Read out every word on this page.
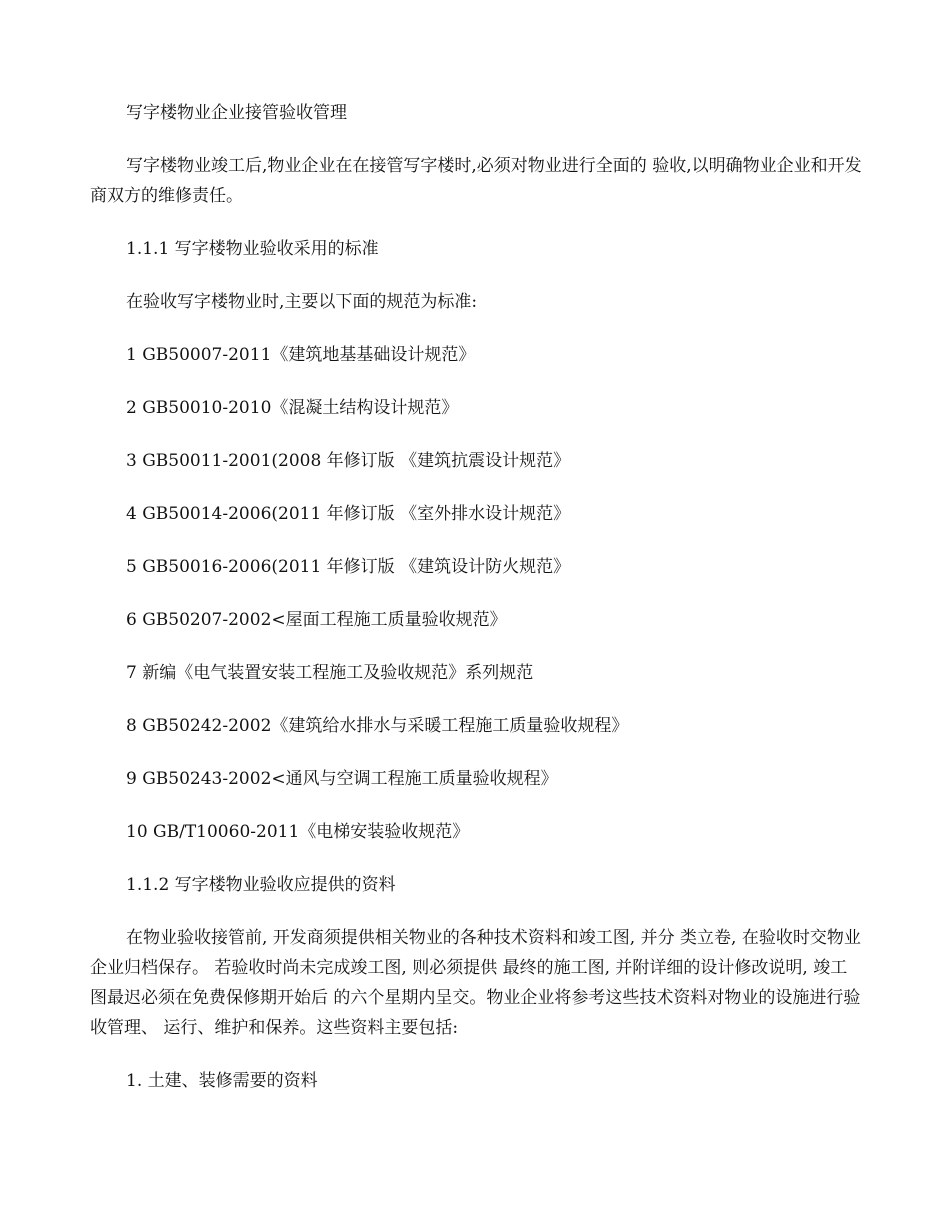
写字楼物业企业接管验收管理

写字楼物业竣工后,物业企业在在接管写字楼时,必须对物业进行全面的 验收,以明确物业企业和开发商双方的维修责任。

1.1.1 写字楼物业验收采用的标准

在验收写字楼物业时,主要以下面的规范为标准:

1 GB50007-2011《建筑地基基础设计规范》

2 GB50010-2010《混凝土结构设计规范》

3 GB50011-2001(2008 年修订版 《建筑抗震设计规范》

4 GB50014-2006(2011 年修订版 《室外排水设计规范》

5 GB50016-2006(2011 年修订版 《建筑设计防火规范》

6 GB50207-2002<屋面工程施工质量验收规范》

7 新编《电气装置安装工程施工及验收规范》系列规范

8 GB50242-2002《建筑给水排水与采暖工程施工质量验收规程》

9 GB50243-2002<通风与空调工程施工质量验收规程》

10 GB/T10060-2011《电梯安装验收规范》

1.1.2 写字楼物业验收应提供的资料

在物业验收接管前, 开发商须提供相关物业的各种技术资料和竣工图, 并分 类立卷, 在验收时交物业企业归档保存。 若验收时尚未完成竣工图, 则必须提供 最终的施工图, 并附详细的设计修改说明, 竣工图最迟必须在免费保修期开始后 的六个星期内呈交。物业企业将参考这些技术资料对物业的设施进行验收管理、 运行、维护和保养。这些资料主要包括:

1. 土建、装修需要的资料
